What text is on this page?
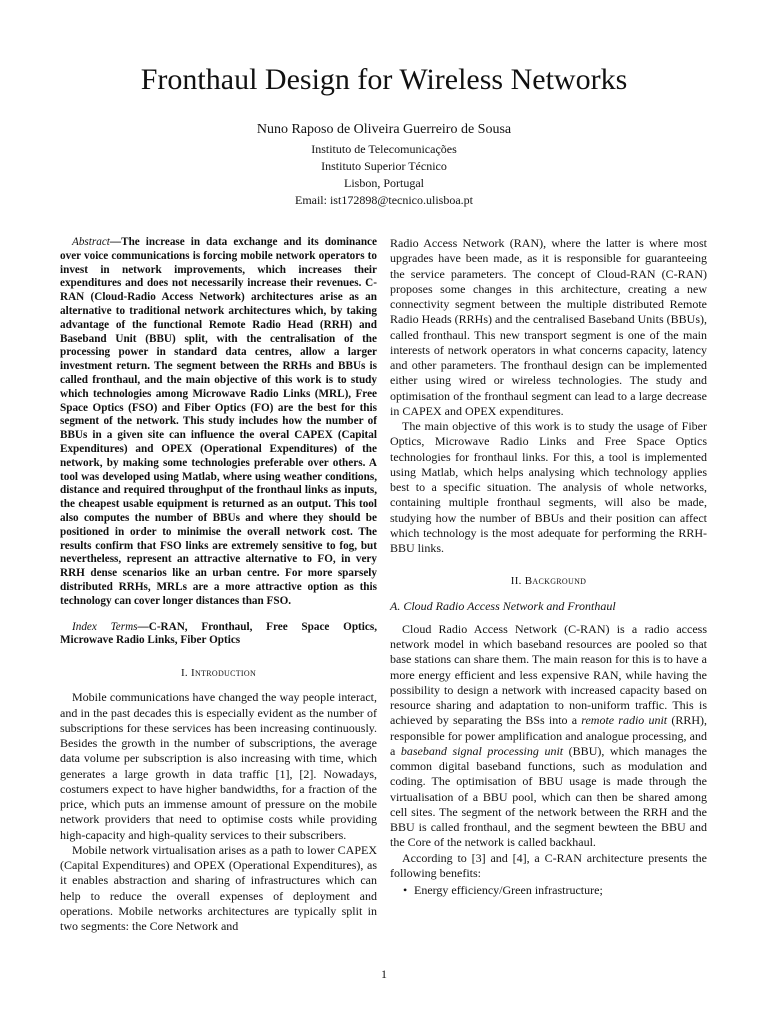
Fronthaul Design for Wireless Networks
Nuno Raposo de Oliveira Guerreiro de Sousa
Instituto de Telecomunicações
Instituto Superior Técnico
Lisbon, Portugal
Email: ist172898@tecnico.ulisboa.pt

Abstract—The increase in data exchange and its dominance over voice communications is forcing mobile network operators to invest in network improvements, which increases their expenditures and does not necessarily increase their revenues. C-RAN (Cloud-Radio Access Network) architectures arise as an alternative to traditional network architectures which, by taking advantage of the functional Remote Radio Head (RRH) and Baseband Unit (BBU) split, with the centralisation of the processing power in standard data centres, allow a larger investment return. The segment between the RRHs and BBUs is called fronthaul, and the main objective of this work is to study which technologies among Microwave Radio Links (MRL), Free Space Optics (FSO) and Fiber Optics (FO) are the best for this segment of the network. This study includes how the number of BBUs in a given site can influence the overal CAPEX (Capital Expenditures) and OPEX (Operational Expenditures) of the network, by making some technologies preferable over others. A tool was developed using Matlab, where using weather conditions, distance and required throughput of the fronthaul links as inputs, the cheapest usable equipment is returned as an output. This tool also computes the number of BBUs and where they should be positioned in order to minimise the overall network cost. The results confirm that FSO links are extremely sensitive to fog, but nevertheless, represent an attractive alternative to FO, in very RRH dense scenarios like an urban centre. For more sparsely distributed RRHs, MRLs are a more attractive option as this technology can cover longer distances than FSO.

Index Terms—C-RAN, Fronthaul, Free Space Optics, Microwave Radio Links, Fiber Optics

I. Introduction

Mobile communications have changed the way people interact, and in the past decades this is especially evident as the number of subscriptions for these services has been increasing continuously. Besides the growth in the number of subscriptions, the average data volume per subscription is also increasing with time, which generates a large growth in data traffic [1], [2]. Nowadays, costumers expect to have higher bandwidths, for a fraction of the price, which puts an immense amount of pressure on the mobile network providers that need to optimise costs while providing high-capacity and high-quality services to their subscribers.

Mobile network virtualisation arises as a path to lower CAPEX (Capital Expenditures) and OPEX (Operational Expenditures), as it enables abstraction and sharing of infrastructures which can help to reduce the overall expenses of deployment and operations. Mobile networks architectures are typically split in two segments: the Core Network and

Radio Access Network (RAN), where the latter is where most upgrades have been made, as it is responsible for guaranteeing the service parameters. The concept of Cloud-RAN (C-RAN) proposes some changes in this architecture, creating a new connectivity segment between the multiple distributed Remote Radio Heads (RRHs) and the centralised Baseband Units (BBUs), called fronthaul. This new transport segment is one of the main interests of network operators in what concerns capacity, latency and other parameters. The fronthaul design can be implemented either using wired or wireless technologies. The study and optimisation of the fronthaul segment can lead to a large decrease in CAPEX and OPEX expenditures.

The main objective of this work is to study the usage of Fiber Optics, Microwave Radio Links and Free Space Optics technologies for fronthaul links. For this, a tool is implemented using Matlab, which helps analysing which technology applies best to a specific situation. The analysis of whole networks, containing multiple fronthaul segments, will also be made, studying how the number of BBUs and their position can affect which technology is the most adequate for performing the RRH-BBU links.

II. Background
A. Cloud Radio Access Network and Fronthaul

Cloud Radio Access Network (C-RAN) is a radio access network model in which baseband resources are pooled so that base stations can share them. The main reason for this is to have a more energy efficient and less expensive RAN, while having the possibility to design a network with increased capacity based on resource sharing and adaptation to non-uniform traffic. This is achieved by separating the BSs into a remote radio unit (RRH), responsible for power amplification and analogue processing, and a baseband signal processing unit (BBU), which manages the common digital baseband functions, such as modulation and coding. The optimisation of BBU usage is made through the virtualisation of a BBU pool, which can then be shared among cell sites. The segment of the network between the RRH and the BBU is called fronthaul, and the segment bewteen the BBU and the Core of the network is called backhaul.

According to [3] and [4], a C-RAN architecture presents the following benefits:

• Energy efficiency/Green infrastructure;
1
